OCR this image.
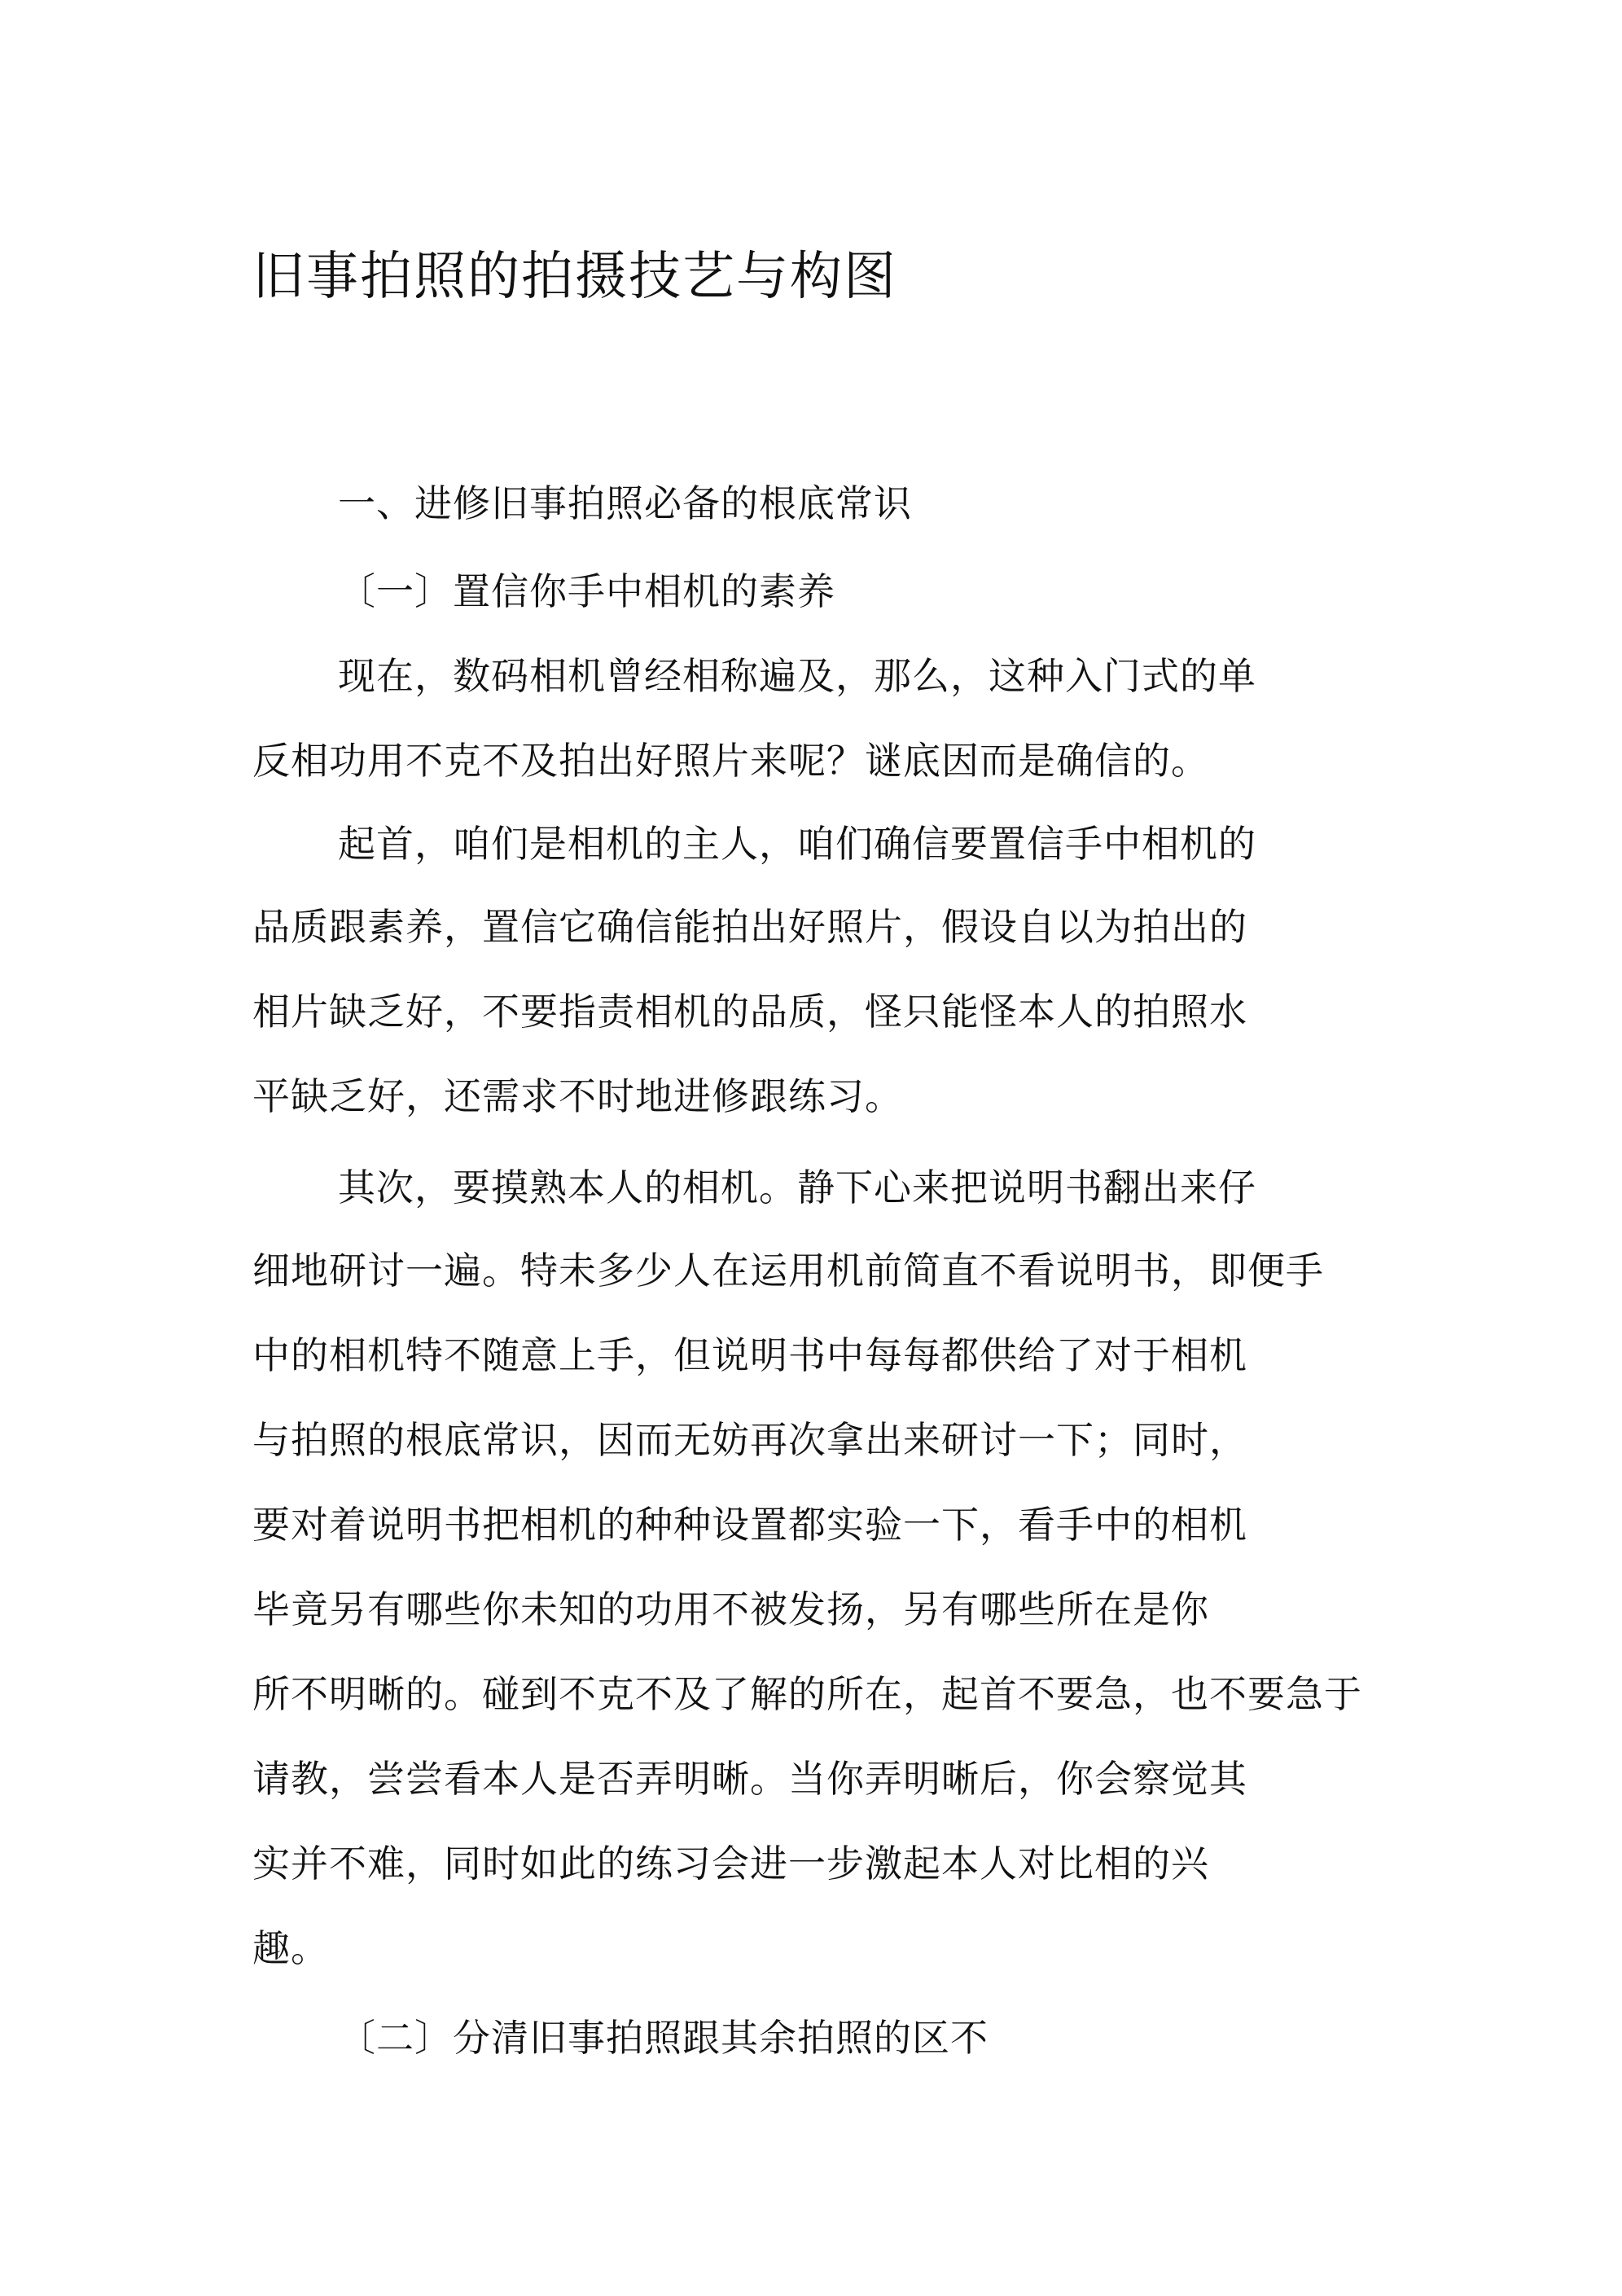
旧事拍照的拍摄技艺与构图
一、进修旧事拍照必备的根底常识
〔一〕置信你手中相机的素养
现在，数码相机曾经相称遍及，那么，这种入门式的单
反相功用不克不及拍出好照片来呢？谜底因而是确信的。
起首，咱们是相机的主人，咱们确信要置信手中相机的
品质跟素养，置信它确信能拍出好照片，假设自以为拍出的
相片缺乏好，不要指责相机的品质，怪只能怪本人的拍照水
平缺乏好，还需求不时地进修跟练习。
其次，要摸熟本人的相机。静下心来把说明书翻出来仔
细地研讨一遍。特未多少人在运用机前简直不看说明书，即便手
中的相机特不随意上手，但说明书中每每都供给了对于相机
与拍照的根底常识，因而无妨再次拿出来研讨一下；同时，
要对着说明书把相机的种种设置都实验一下，看手中的相机
毕竟另有哪些你未知的功用不被发扬，另有哪些所在是你
所不明晰的。碰到不克不及了解的所在，起首不要急，也不要急于
请教，尝尝看本人是否弄明晰。当你弄明晰后，你会察觉其
实并不难，同时如此的练习会进一步激起本人对比相的兴
趣。
〔二〕分清旧事拍照跟其余拍照的区不
